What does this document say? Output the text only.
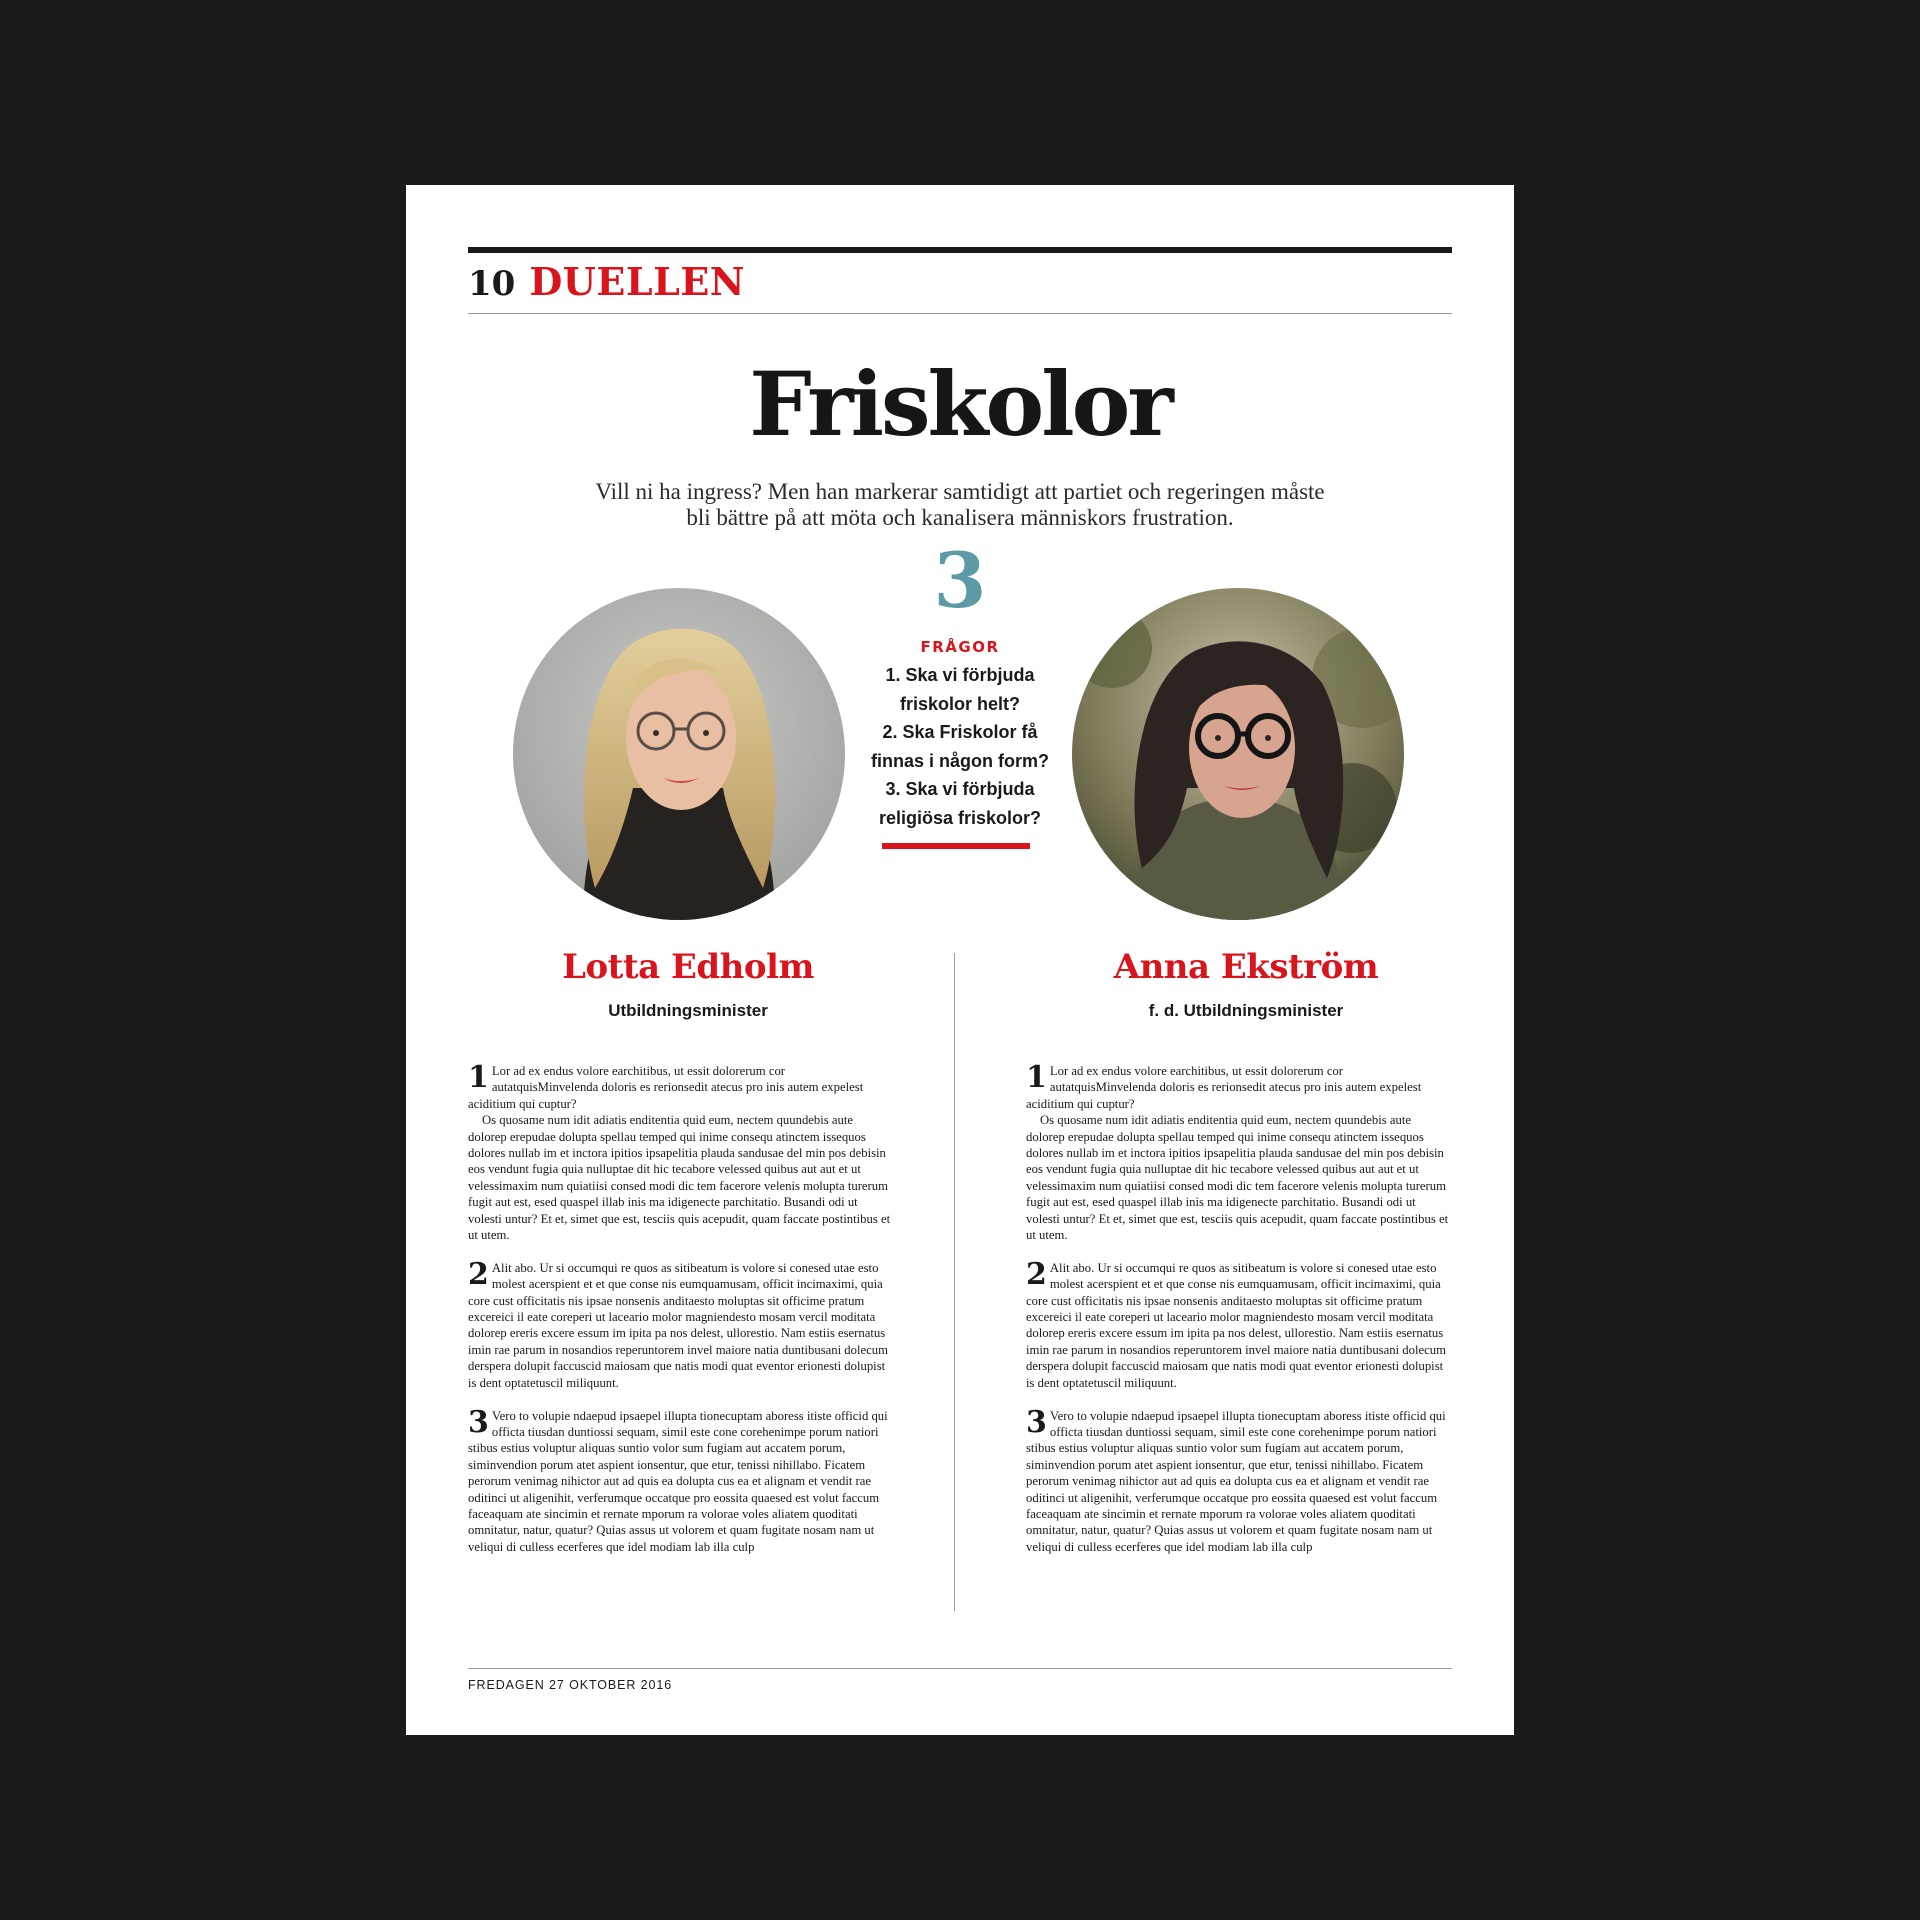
10 DUELLEN
Friskolor
Vill ni ha ingress? Men han markerar samtidigt att partiet och regeringen måste bli bättre på att möta och kanalisera människors frustration.
3
FRÅGOR
1. Ska vi förbjuda friskolor helt?
2. Ska Friskolor få finnas i någon form?
3. Ska vi förbjuda religiösa friskolor?
Lotta Edholm
Utbildningsminister

1 Lor ad ex endus volore earchitibus, ut essit dolorerum cor autatquisMinvelenda doloris es rerionsedit atecus pro inis autem expelest aciditium qui cuptur?
Os quosame num idit adiatis enditentia quid eum, nectem quundebis aute dolorep erepudae dolupta spellau temped qui inime consequ atinctem issequos dolores nullab im et inctora ipitios ipsapelitia plauda sandusae del min pos debisin eos vendunt fugia quia nulluptae dit hic tecabore velessed quibus aut aut et ut velessimaxim num quiatiisi consed modi dic tem facerore velenis molupta turerum fugit aut est, esed quaspel illab inis ma idigenecte parchitatio. Busandi odi ut volesti untur? Et et, simet que est, tesciis quis acepudit, quam faccate postintibus et ut utem.

2 Alit abo. Ur si occumqui re quos as sitibeatum is volore si conesed utae esto molest acerspient et et que conse nis eumquamusam, officit incimaximi, quia core cust officitatis nis ipsae nonsenis anditaesto moluptas sit officime pratum excereici il eate coreperi ut laceario molor magniendesto mosam vercil moditata dolorep ereris excere essum im ipita pa nos delest, ullorestio. Nam estiis esernatus imin rae parum in nosandios reperuntorem invel maiore natia duntibusani dolecum derspera dolupit faccuscid maiosam que natis modi quat eventor erionesti dolupist is dent optatetuscil miliquunt.

3 Vero to volupie ndaepud ipsaepel illupta tionecuptam aboress itiste officid qui officta tiusdan duntiossi sequam, simil este cone corehenimpe porum natiori stibus estius voluptur aliquas suntio volor sum fugiam aut accatem porum, siminvendion porum atet aspient ionsentur, que etur, tenissi nihillabo. Ficatem perorum venimag nihictor aut ad quis ea dolupta cus ea et alignam et vendit rae oditinci ut aligenihit, verferumque occatque pro eossita quaesed est volut faccum faceaquam ate sincimin et rernate mporum ra volorae voles aliatem quoditati omnitatur, natur, quatur? Quias assus ut volorem et quam fugitate nosam nam ut veliqui di culless ecerferes que idel modiam lab illa culp

Anna Ekström
f. d. Utbildningsminister

1 Lor ad ex endus volore earchitibus, ut essit dolorerum cor autatquisMinvelenda doloris es rerionsedit atecus pro inis autem expelest aciditium qui cuptur?
Os quosame num idit adiatis enditentia quid eum, nectem quundebis aute dolorep erepudae dolupta spellau temped qui inime consequ atinctem issequos dolores nullab im et inctora ipitios ipsapelitia plauda sandusae del min pos debisin eos vendunt fugia quia nulluptae dit hic tecabore velessed quibus aut aut et ut velessimaxim num quiatiisi consed modi dic tem facerore velenis molupta turerum fugit aut est, esed quaspel illab inis ma idigenecte parchitatio. Busandi odi ut volesti untur? Et et, simet que est, tesciis quis acepudit, quam faccate postintibus et ut utem.

2 Alit abo. Ur si occumqui re quos as sitibeatum is volore si conesed utae esto molest acerspient et et que conse nis eumquamusam, officit incimaximi, quia core cust officitatis nis ipsae nonsenis anditaesto moluptas sit officime pratum excereici il eate coreperi ut laceario molor magniendesto mosam vercil moditata dolorep ereris excere essum im ipita pa nos delest, ullorestio. Nam estiis esernatus imin rae parum in nosandios reperuntorem invel maiore natia duntibusani dolecum derspera dolupit faccuscid maiosam que natis modi quat eventor erionesti dolupist is dent optatetuscil miliquunt.

3 Vero to volupie ndaepud ipsaepel illupta tionecuptam aboress itiste officid qui officta tiusdan duntiossi sequam, simil este cone corehenimpe porum natiori stibus estius voluptur aliquas suntio volor sum fugiam aut accatem porum, siminvendion porum atet aspient ionsentur, que etur, tenissi nihillabo. Ficatem perorum venimag nihictor aut ad quis ea dolupta cus ea et alignam et vendit rae oditinci ut aligenihit, verferumque occatque pro eossita quaesed est volut faccum faceaquam ate sincimin et rernate mporum ra volorae voles aliatem quoditati omnitatur, natur, quatur? Quias assus ut volorem et quam fugitate nosam nam ut veliqui di culless ecerferes que idel modiam lab illa culp

FREDAGEN 27 OKTOBER 2016
